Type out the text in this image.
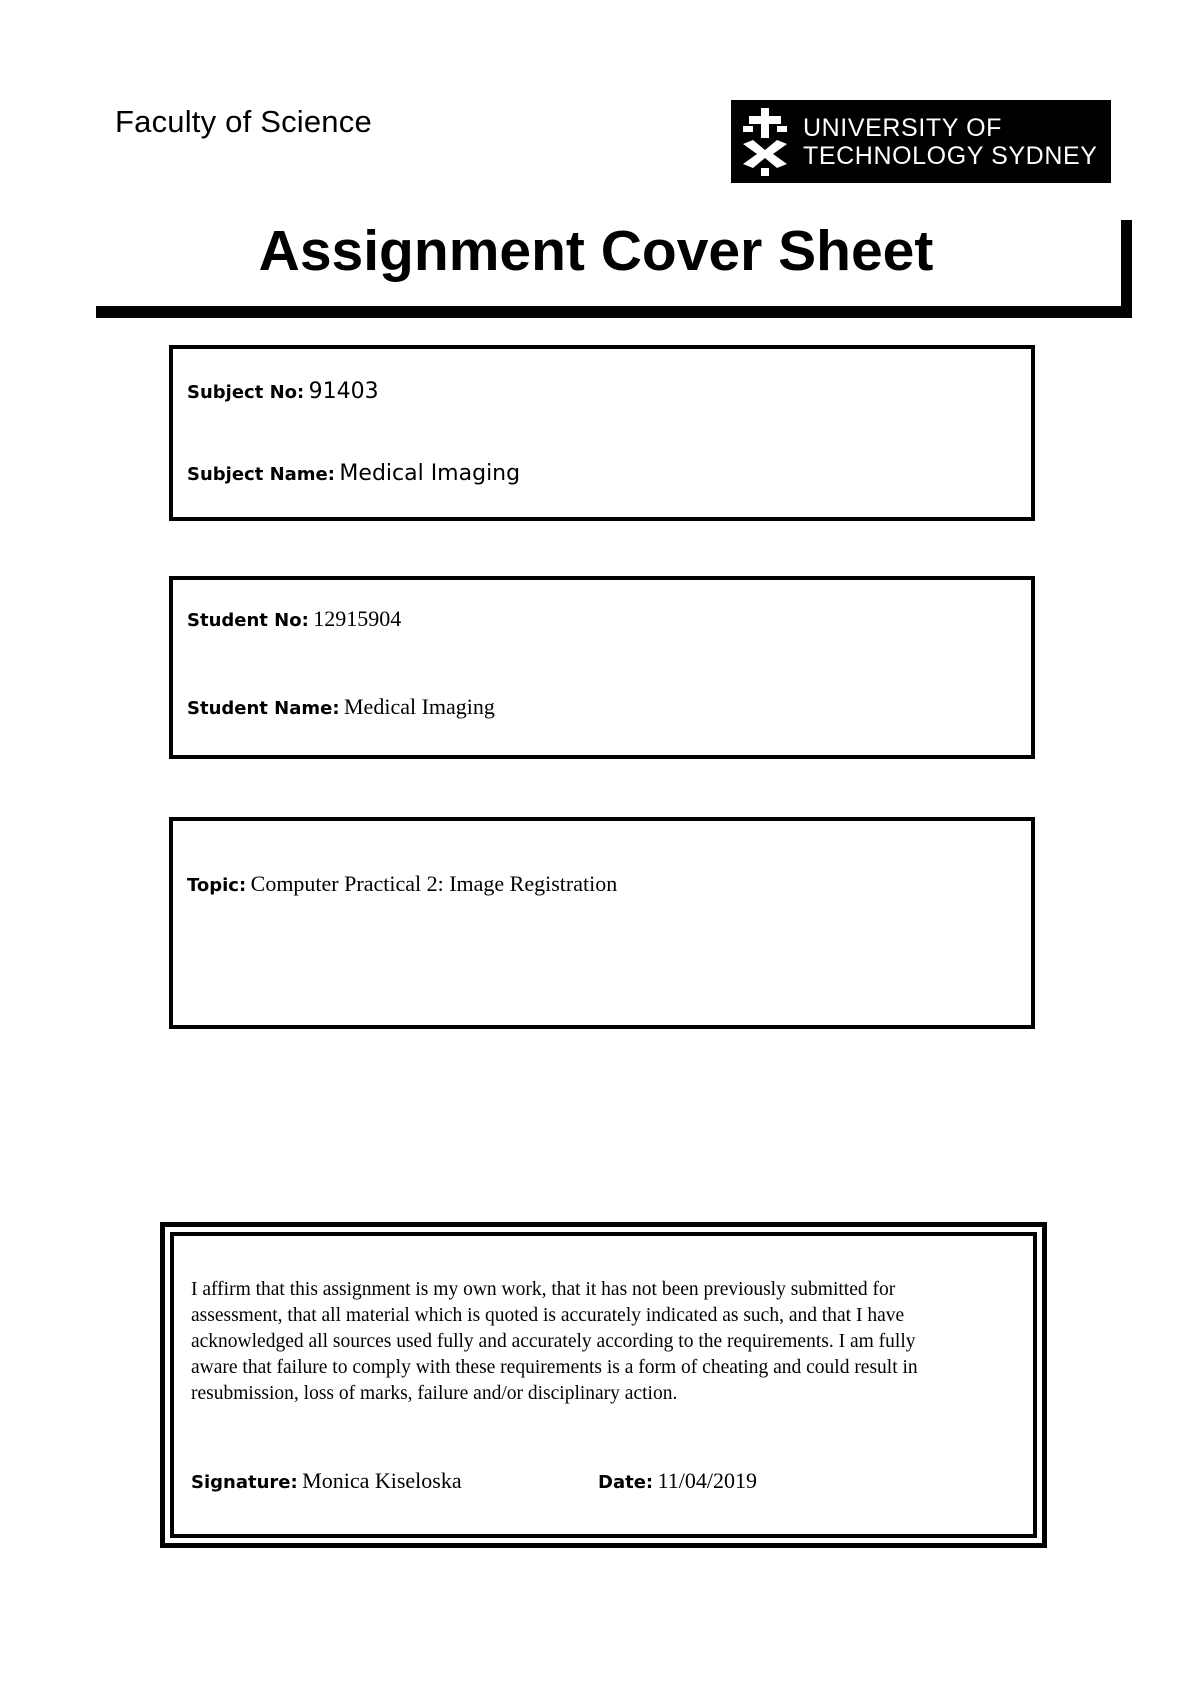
Faculty of Science	UNIVERSITY OF
TECHNOLOGY SYDNEY
Assignment Cover Sheet
Subject No: 91403
Subject Name: Medical Imaging
Student No: 12915904
Student Name: Medical Imaging
Topic: Computer Practical 2: Image Registration
I affirm that this assignment is my own work, that it has not been previously submitted for
assessment, that all material which is quoted is accurately indicated as such, and that I have
acknowledged all sources used fully and accurately according to the requirements. I am fully
aware that failure to comply with these requirements is a form of cheating and could result in
resubmission, loss of marks, failure and/or disciplinary action.
Signature: Monica Kiseloska	Date: 11/04/2019
